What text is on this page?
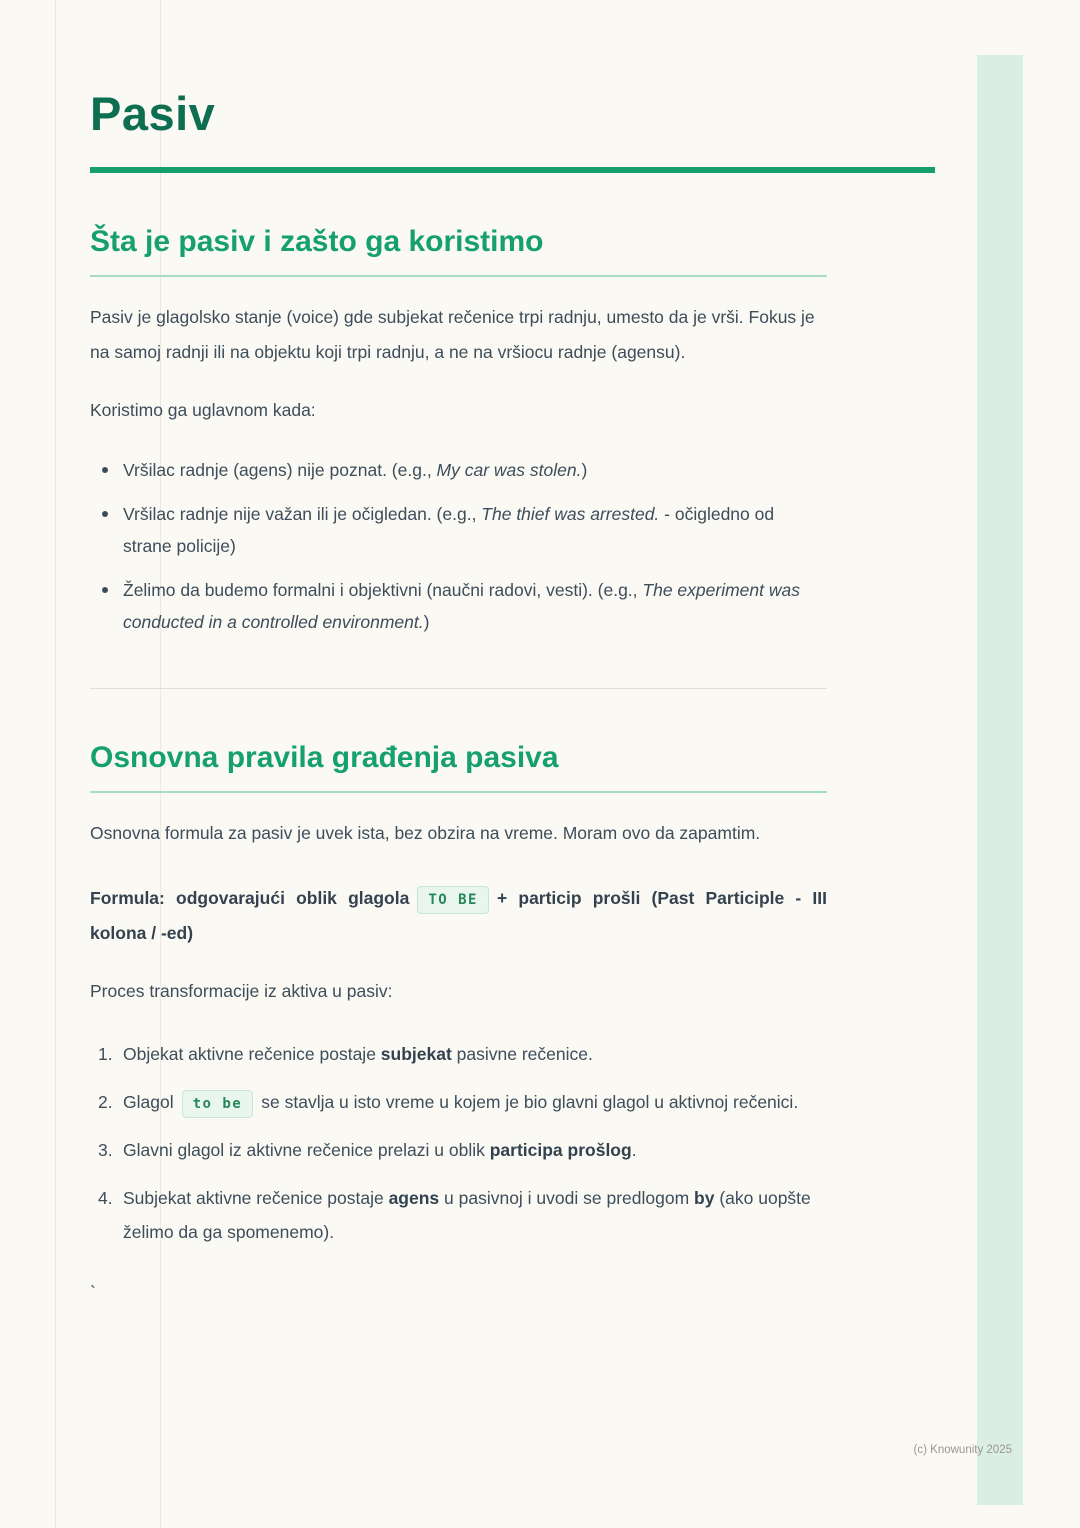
Pasiv
Šta je pasiv i zašto ga koristimo

Pasiv je glagolsko stanje (voice) gde subjekat rečenice trpi radnju, umesto da je vrši. Fokus je na samoj radnji ili na objektu koji trpi radnju, a ne na vršiocu radnje (agensu).

Koristimo ga uglavnom kada:

Vršilac radnje (agens) nije poznat. (e.g., My car was stolen.)
Vršilac radnje nije važan ili je očigledan. (e.g., The thief was arrested. - očigledno od strane policije)
Želimo da budemo formalni i objektivni (naučni radovi, vesti). (e.g., The experiment was conducted in a controlled environment.)
Osnovna pravila građenja pasiva

Osnovna formula za pasiv je uvek ista, bez obzira na vreme. Moram ovo da zapamtim.

Formula: odgovarajući oblik glagola TO BE + particip prošli (Past Participle - III kolona / -ed)

Proces transformacije iz aktiva u pasiv:

Objekat aktivne rečenice postaje subjekat pasivne rečenice.
Glagol to be se stavlja u isto vreme u kojem je bio glavni glagol u aktivnoj rečenici.
Glavni glagol iz aktivne rečenice prelazi u oblik participa prošlog.
Subjekat aktivne rečenice postaje agens u pasivnoj i uvodi se predlogom by (ako uopšte želimo da ga spomenemo).
`
(c) Knowunity 2025
